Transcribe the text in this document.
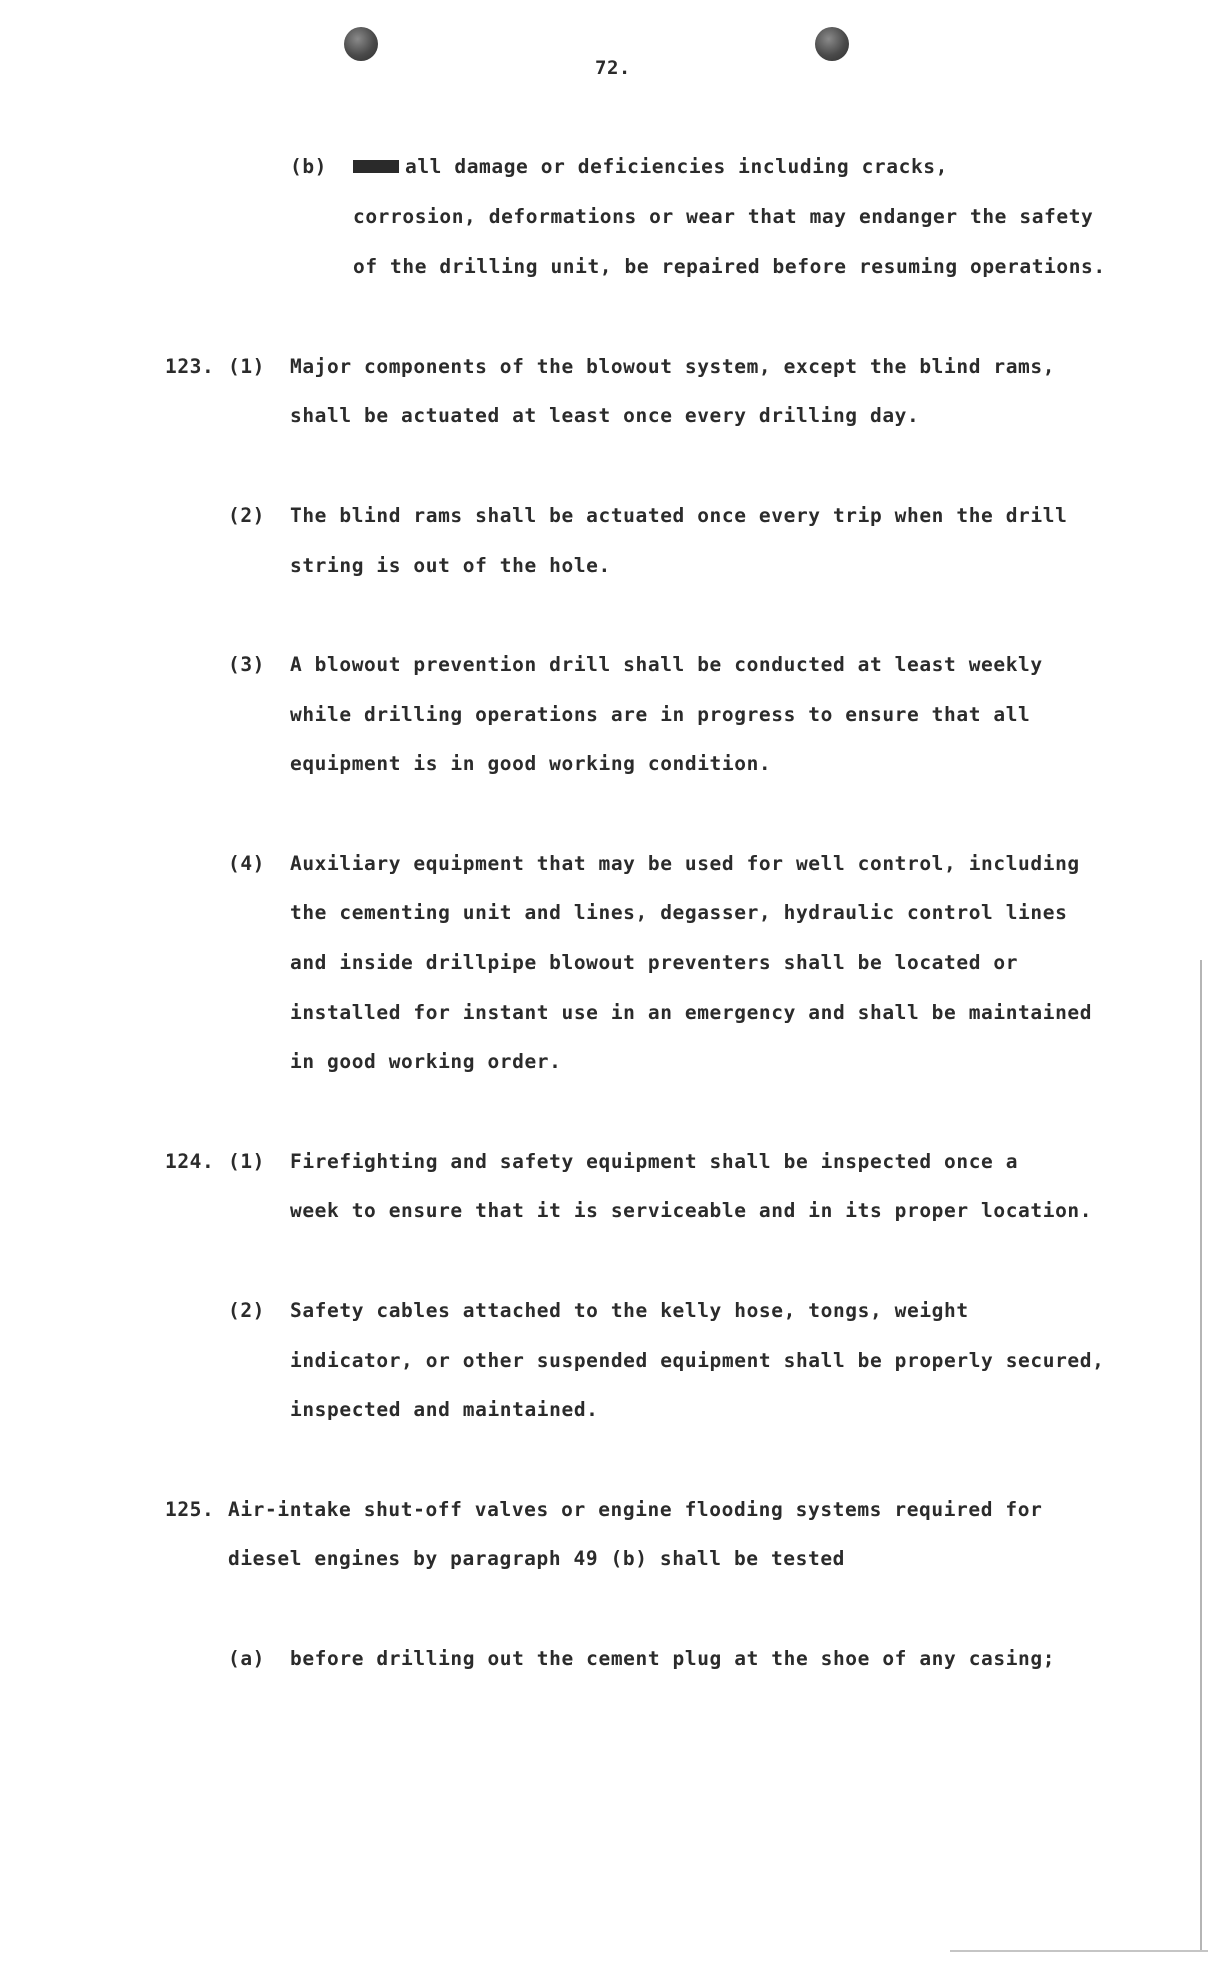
72.
(b)	all damage or deficiencies including cracks,
corrosion, deformations or wear that may endanger the safety
of the drilling unit, be repaired before resuming operations.
123. (1) Major components of the blowout system, except the blind rams,
shall be actuated at least once every drilling day.
(2) The blind rams shall be actuated once every trip when the drill
string is out of the hole.
(3) A blowout prevention drill shall be conducted at least weekly
while drilling operations are in progress to ensure that all
equipment is in good working condition.
(4) Auxiliary equipment that may be used for well control, including
the cementing unit and lines, degasser, hydraulic control lines
and inside drillpipe blowout preventers shall be located or
installed for instant use in an emergency and shall be maintained
in good working order.
124. (1) Firefighting and safety equipment shall be inspected once a
week to ensure that it is serviceable and in its proper location.
(2) Safety cables attached to the kelly hose, tongs, weight
indicator, or other suspended equipment shall be properly secured,
inspected and maintained.
125. Air-intake shut-off valves or engine flooding systems required for
diesel engines by paragraph 49 (b) shall be tested
(a) before drilling out the cement plug at the shoe of any casing;
